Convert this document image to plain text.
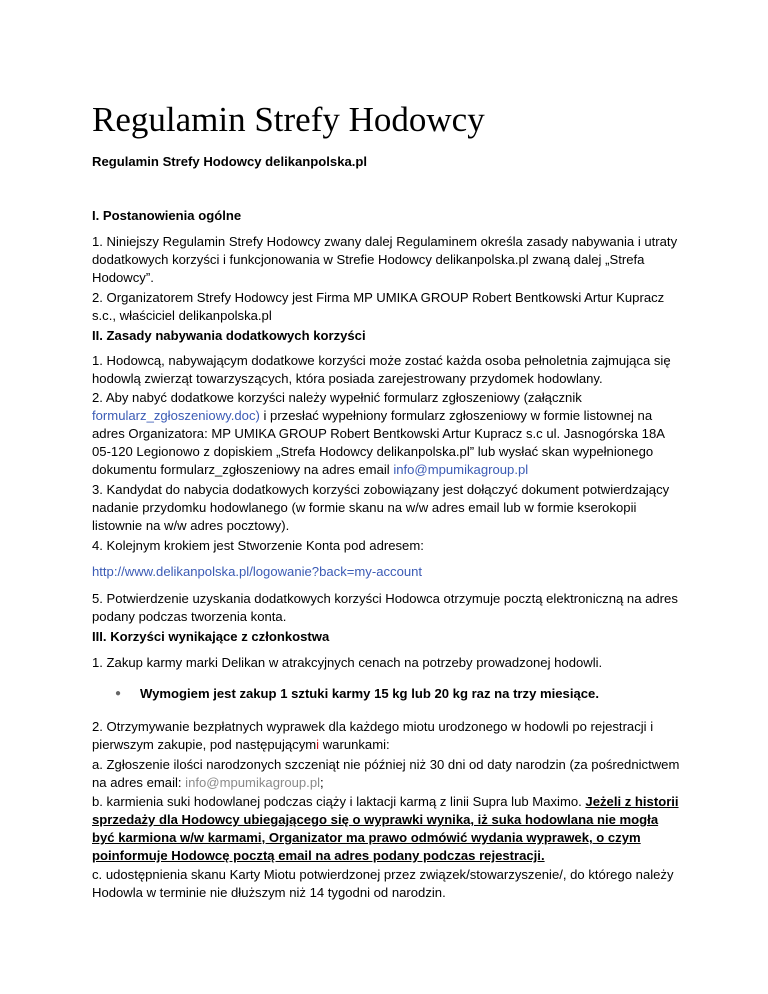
Regulamin Strefy Hodowcy

Regulamin Strefy Hodowcy delikanpolska.pl

I. Postanowienia ogólne

1. Niniejszy Regulamin Strefy Hodowcy zwany dalej Regulaminem określa zasady nabywania i utraty dodatkowych korzyści i funkcjonowania w Strefie Hodowcy delikanpolska.pl zwaną dalej „Strefa Hodowcy”.

2. Organizatorem Strefy Hodowcy jest Firma MP UMIKA GROUP Robert Bentkowski Artur Kupracz s.c., właściciel delikanpolska.pl

II. Zasady nabywania dodatkowych korzyści

1. Hodowcą, nabywającym dodatkowe korzyści może zostać każda osoba pełnoletnia zajmująca się hodowlą zwierząt towarzyszących, która posiada zarejestrowany przydomek hodowlany.

2. Aby nabyć dodatkowe korzyści należy wypełnić formularz zgłoszeniowy (załącznik formularz_zgłoszeniowy.doc) i przesłać wypełniony formularz zgłoszeniowy w formie listownej na adres Organizatora: MP UMIKA GROUP Robert Bentkowski Artur Kupracz s.c ul. Jasnogórska 18A 05-120 Legionowo z dopiskiem „Strefa Hodowcy delikanpolska.pl” lub wysłać skan wypełnionego dokumentu formularz_zgłoszeniowy na adres email info@mpumikagroup.pl

3. Kandydat do nabycia dodatkowych korzyści zobowiązany jest dołączyć dokument potwierdzający nadanie przydomku hodowlanego (w formie skanu na w/w adres email lub w formie kserokopii listownie na w/w adres pocztowy).

4. Kolejnym krokiem jest Stworzenie Konta pod adresem:

http://www.delikanpolska.pl/logowanie?back=my-account

5. Potwierdzenie uzyskania dodatkowych korzyści Hodowca otrzymuje pocztą elektroniczną na adres podany podczas tworzenia konta.

III. Korzyści wynikające z członkostwa

1. Zakup karmy marki Delikan w atrakcyjnych cenach na potrzeby prowadzonej hodowli.

● Wymogiem jest zakup 1 sztuki karmy 15 kg lub 20 kg raz na trzy miesiące.

2. Otrzymywanie bezpłatnych wyprawek dla każdego miotu urodzonego w hodowli po rejestracji i pierwszym zakupie, pod następującymi warunkami:

a. Zgłoszenie ilości narodzonych szczeniąt nie później niż 30 dni od daty narodzin (za pośrednictwem na adres email: info@mpumikagroup.pl;

b. karmienia suki hodowlanej podczas ciąży i laktacji karmą z linii Supra lub Maximo. Jeżeli z historii sprzedaży dla Hodowcy ubiegającego się o wyprawki wynika, iż suka hodowlana nie mogła być karmiona w/w karmami, Organizator ma prawo odmówić wydania wyprawek, o czym poinformuje Hodowcę pocztą email na adres podany podczas rejestracji.

c. udostępnienia skanu Karty Miotu potwierdzonej przez związek/stowarzyszenie/, do którego należy Hodowla w terminie nie dłuższym niż 14 tygodni od narodzin.
